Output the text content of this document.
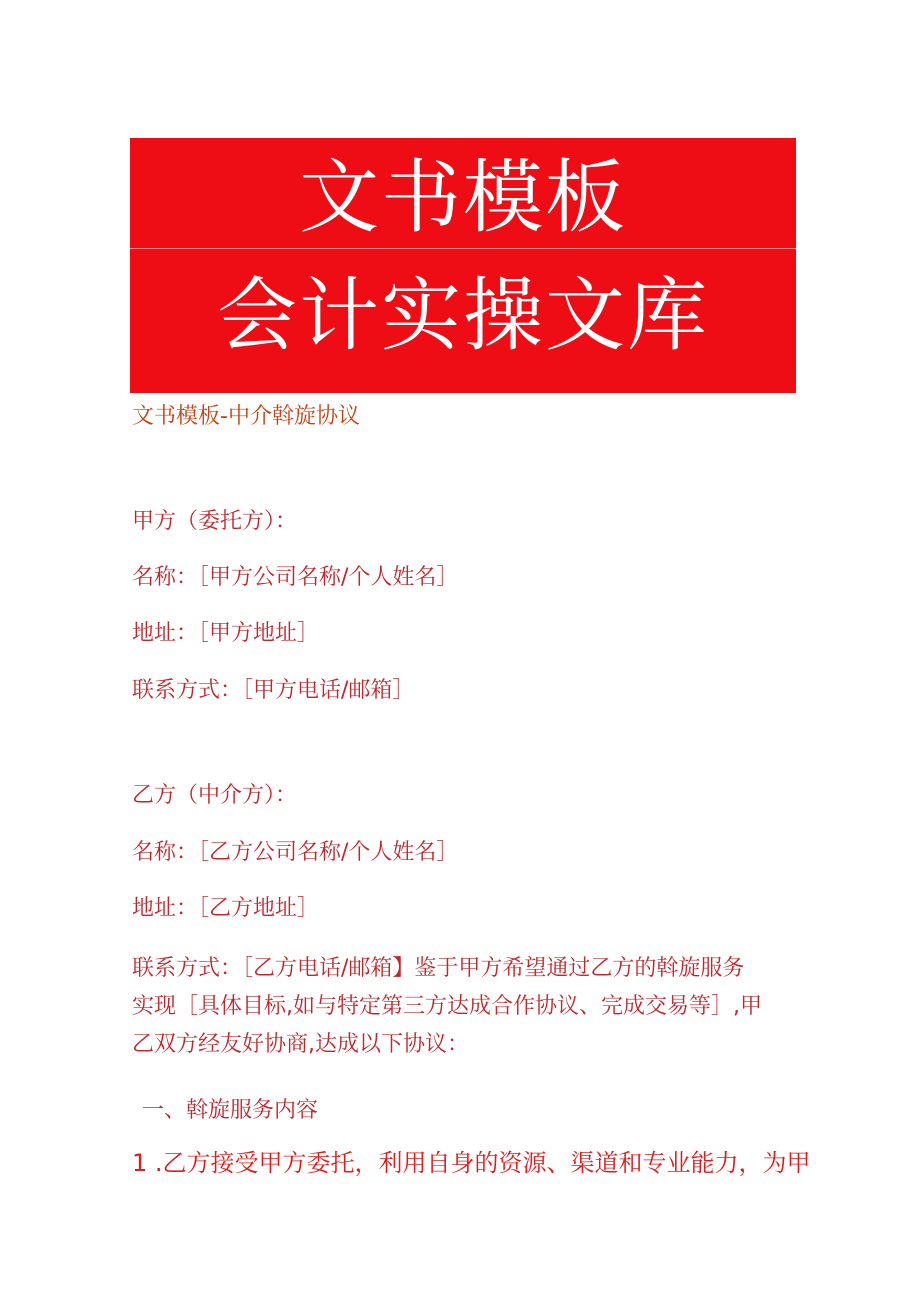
文书模板
会计实操文库
文书模板-中介斡旋协议
甲方（委托方）：
名称：［甲方公司名称/个人姓名］
地址：［甲方地址］
联系方式：［甲方电话/邮箱］
乙方（中介方）：
名称：［乙方公司名称/个人姓名］
地址：［乙方地址］
联系方式：［乙方电话/邮箱】鉴于甲方希望通过乙方的斡旋服务
实现［具体目标,如与特定第三方达成合作协议、完成交易等］,甲
乙双方经友好协商,达成以下协议：
一、斡旋服务内容
1 .乙方接受甲方委托，利用自身的资源、渠道和专业能力，为甲
